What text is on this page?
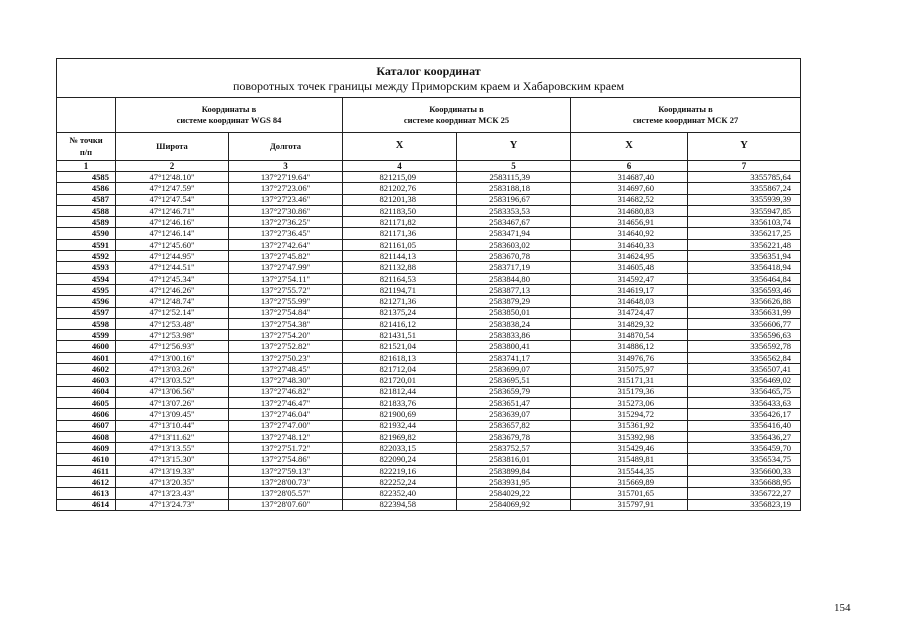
Каталог координат
поворотных точек границы между Приморским краем и Хабаровским краем						

	Координаты в
системе координат WGS 84		Координаты в
системе координат МСК 25		Координаты в
системе координат МСК 27	
№ точки
п/п	Широта	Долгота	X	Y	X	Y
1	2	3	4	5	6	7
4585	47°12'48.10"	137°27'19.64"	821215,09	2583115,39	314687,40	3355785,64
4586	47°12'47.59"	137°27'23.06"	821202,76	2583188,18	314697,60	3355867,24
4587	47°12'47.54"	137°27'23.46"	821201,38	2583196,67	314682,52	3355939,39
4588	47°12'46.71"	137°27'30.86"	821183,50	2583353,53	314680,83	3355947,85
4589	47°12'46.16"	137°27'36.25"	821171,82	2583467,67	314656,91	3356103,74
4590	47°12'46.14"	137°27'36.45"	821171,36	2583471,94	314640,92	3356217,25
4591	47°12'45.60"	137°27'42.64"	821161,05	2583603,02	314640,33	3356221,48
4592	47°12'44.95"	137°27'45.82"	821144,13	2583670,78	314624,95	3356351,94
4593	47°12'44.51"	137°27'47.99"	821132,88	2583717,19	314605,48	3356418,94
4594	47°12'45.34"	137°27'54.11"	821164,53	2583844,80	314592,47	3356464,84
4595	47°12'46.26"	137°27'55.72"	821194,71	2583877,13	314619,17	3356593,46
4596	47°12'48.74"	137°27'55.99"	821271,36	2583879,29	314648,03	3356626,88
4597	47°12'52.14"	137°27'54.84"	821375,24	2583850,01	314724,47	3356631,99
4598	47°12'53.48"	137°27'54.38"	821416,12	2583838,24	314829,32	3356606,77
4599	47°12'53.98"	137°27'54.20"	821431,51	2583833,86	314870,54	3356596,63
4600	47°12'56.93"	137°27'52.82"	821521,04	2583800,41	314886,12	3356592,78
4601	47°13'00.16"	137°27'50.23"	821618,13	2583741,17	314976,76	3356562,84
4602	47°13'03.26"	137°27'48.45"	821712,04	2583699,07	315075,97	3356507,41
4603	47°13'03.52"	137°27'48.30"	821720,01	2583695,51	315171,31	3356469,02
4604	47°13'06.56"	137°27'46.82"	821812,44	2583659,79	315179,36	3356465,75
4605	47°13'07.26"	137°27'46.47"	821833,76	2583651,47	315273,06	3356433,63
4606	47°13'09.45"	137°27'46.04"	821900,69	2583639,07	315294,72	3356426,17
4607	47°13'10.44"	137°27'47.00"	821932,44	2583657,82	315361,92	3356416,40
4608	47°13'11.62"	137°27'48.12"	821969,82	2583679,78	315392,98	3356436,27
4609	47°13'13.55"	137°27'51.72"	822033,15	2583752,57	315429,46	3356459,70
4610	47°13'15.30"	137°27'54.86"	822090,24	2583816,01	315489,81	3356534,75
4611	47°13'19.33"	137°27'59.13"	822219,16	2583899,84	315544,35	3356600,33
4612	47°13'20.35"	137°28'00.73"	822252,24	2583931,95	315669,89	3356688,95
4613	47°13'23.43"	137°28'05.57"	822352,40	2584029,22	315701,65	3356722,27
4614	47°13'24.73"	137°28'07.60"	822394,58	2584069,92	315797,91	3356823,19
154
